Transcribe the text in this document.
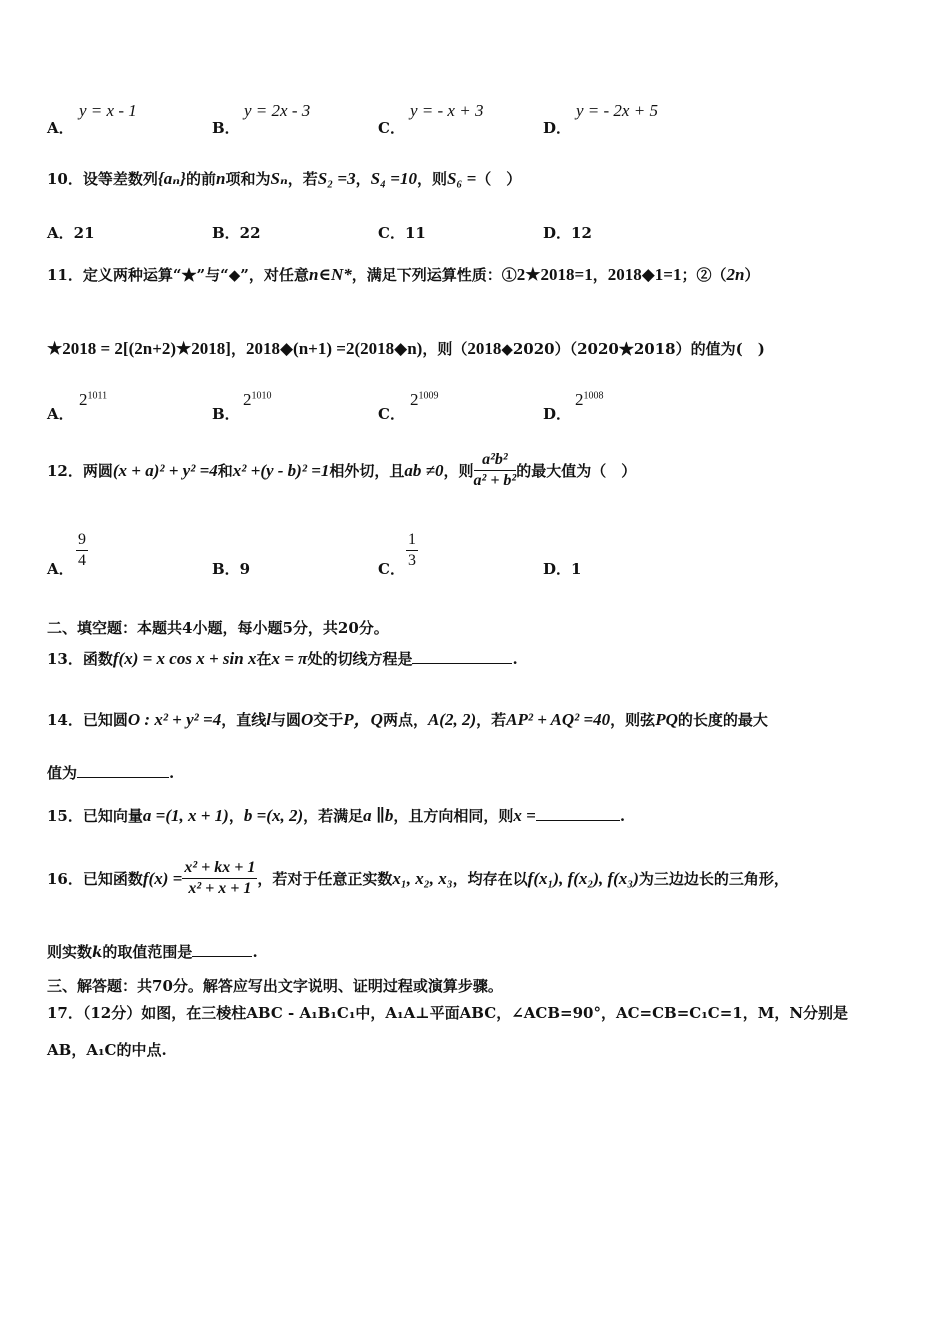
A．
y = x - 1
B．
y = 2x - 3
C．
y = - x + 3
D．
y = - 2x + 5
10．设等差数列{aₙ}的前n项和为Sₙ，若S₂ =3，S₄ =10，则S₆ =（　）
A．21	B．22	C．11	D．12
11．定义两种运算“★”与“◆”，对任意n∈N*，满足下列运算性质：①2★2018=1，2018◆1=1；②（2n）
★2018 = 2[(2n+2)★2018]，2018◆(n+1) =2(2018◆n)，则（2018◆2020）（2020★2018）的值为(　)
A．
$2^{1011}$
B．
$2^{1010}$
C．
$2^{1009}$
D．
$2^{1008}$
12． 两圆 (x + a)² + y² =4 和 x² +(y - b)² =1 相外切，且 ab ≠0 ，则 $\frac{\text{a²b²}}{\text{a² + b²}}$ 的最大值为（　）
A． $\frac{9}{4}$	B．9	C． $\frac{1}{3}$	D．1
二、填空题：本题共4小题，每小题5分，共20分。
13．函数f(x) = x cos x + sin x在x = π处的切线方程是	.
14．已知圆O : x² + y² =4，直线l与圆O交于P，Q两点，A(2, 2)，若AP² + AQ² =40，则弦PQ的长度的最大
值为	.
15．已知向量a =(1, x + 1)，b =(x, 2)，若满足a ∥b，且方向相同，则x =	.
16． 已知函数 $f(x) = \frac{\text{x² + kx + 1}}{\text{x² + x + 1}}$ ，若对于任意正实数 x₁, x₂, x₃ ，均存在以 f(x₁), f(x₂), f(x₃) 为三边边长的三角形，
则实数k的取值范围是	.
三、解答题：共70分。解答应写出文字说明、证明过程或演算步骤。
17．（12分）如图，在三棱柱ABC - A₁B₁C₁中，A₁A⊥平面ABC，∠ACB=90°，AC=CB=C₁C=1，M，N分别是
AB，A₁C的中点.
